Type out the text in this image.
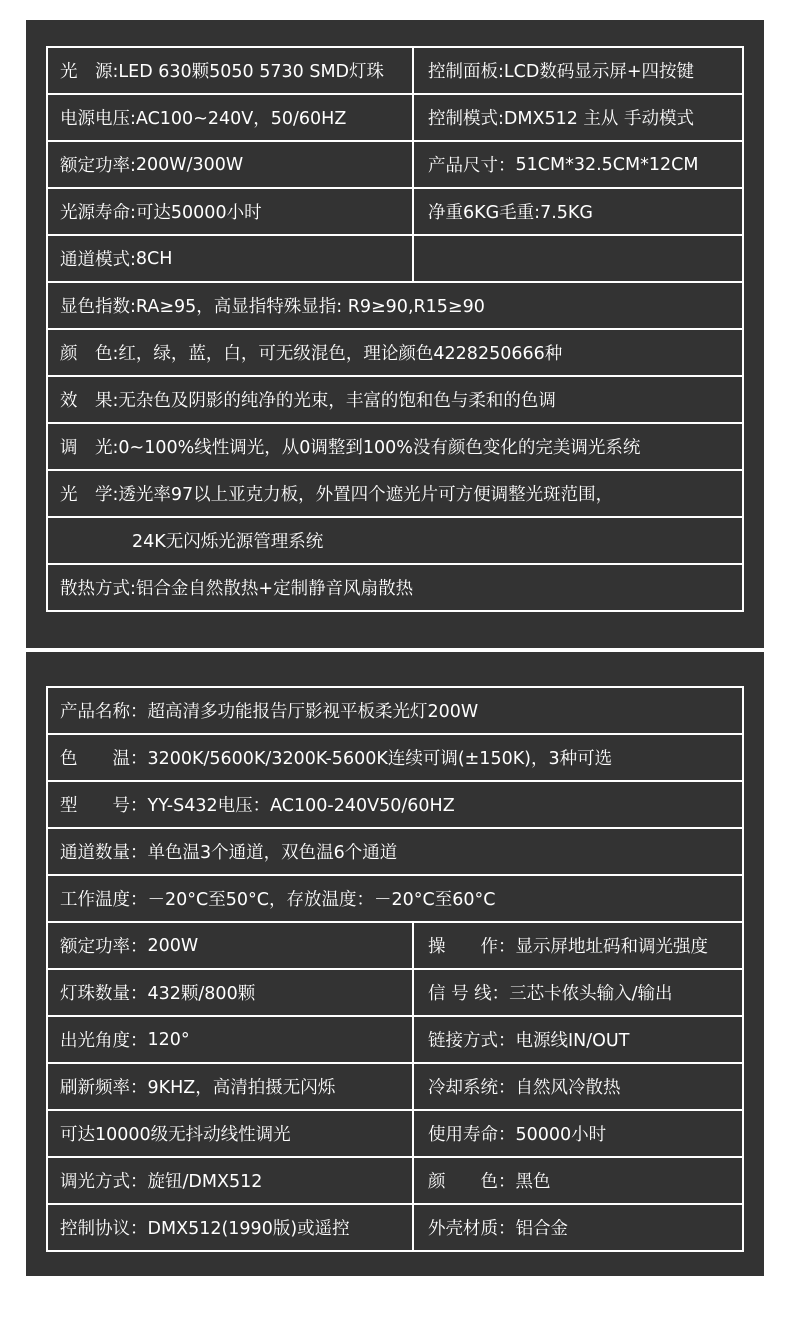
光　源: LED 630颗5050 5730 SMD灯珠	控制面板: LCD数码显示屏+四按键
电源电压: AC100~240V，50/60HZ	控制模式: DMX512 主从 手动模式
额定功率: 200W/300W	产品尺寸： 51CM*32.5CM*12CM
光源寿命: 可达50000小时	净重6KG毛重:7.5KG
通道模式: 8CH
显色指数: RA≥95，高显指特殊显指: R9≥90,R15≥90
颜　色: 红，绿，蓝，白，可无级混色，理论颜色4228250666种
效　果: 无杂色及阴影的纯净的光束，丰富的饱和色与柔和的色调
调　光: 0~100%线性调光，从0调整到100%没有颜色变化的完美调光系统
光　学: 透光率97以上亚克力板，外置四个遮光片可方便调整光斑范围，
24K无闪烁光源管理系统
散热方式: 铝合金自然散热+定制静音风扇散热
产品名称： 超高清多功能报告厅影视平板柔光灯200W
色　　温： 3200K/5600K/3200K-5600K连续可调(±150K)，3种可选
型　　号： YY-S432电压：AC100-240V50/60HZ
通道数量： 单色温3个通道，双色温6个通道
工作温度： －20°C至50°C，存放温度：－20°C至60°C
额定功率： 200W	操　　作： 显示屏地址码和调光强度
灯珠数量： 432颗/800颗	信 号 线： 三芯卡侬头输入/输出
出光角度： 120°	链接方式： 电源线IN/OUT
刷新频率： 9KHZ，高清拍摄无闪烁	冷却系统： 自然风冷散热
可达10000级无抖动线性调光	使用寿命： 50000小时
调光方式： 旋钮/DMX512	颜　　色： 黑色
控制协议： DMX512(1990版)或遥控	外壳材质： 铝合金
